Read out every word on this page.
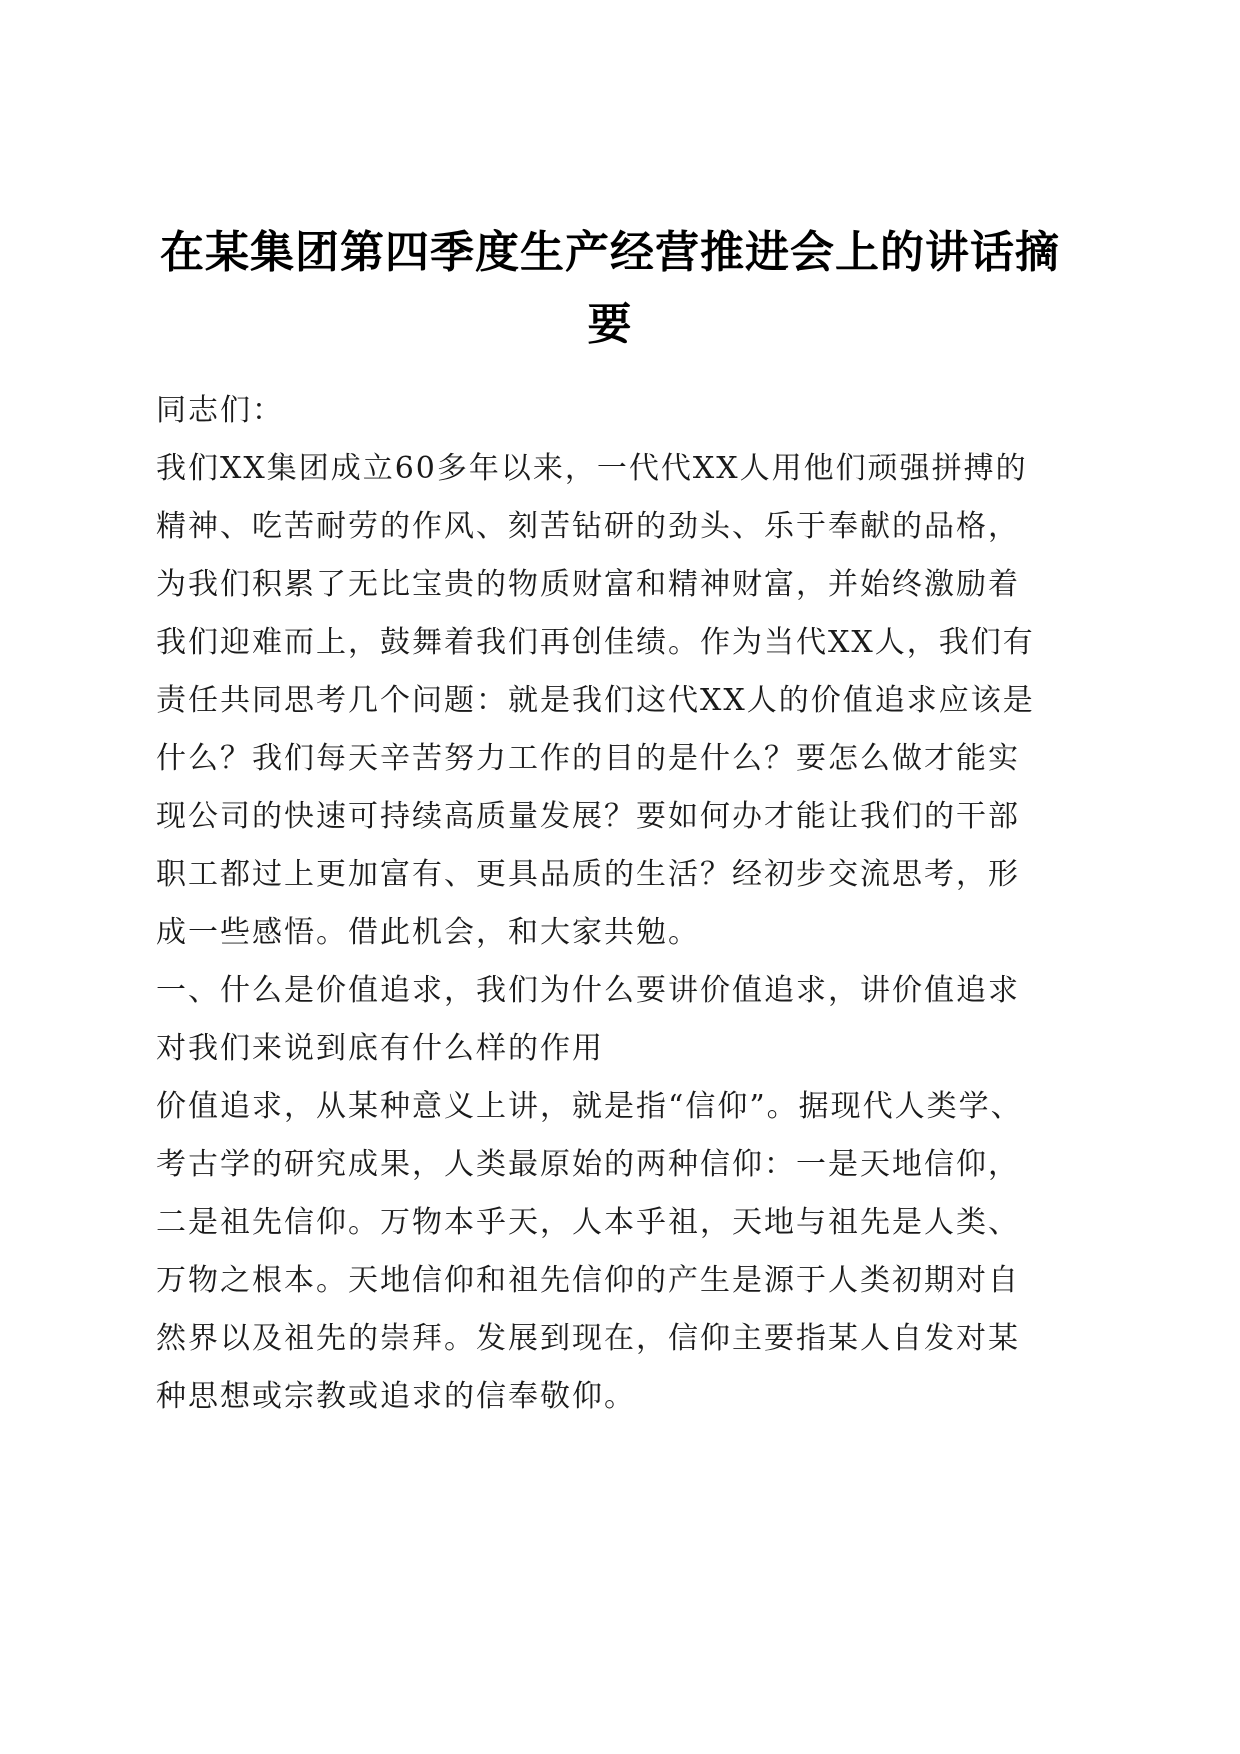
在某集团第四季度生产经营推进会上的讲话摘
要
同志们：
我们XX集团成立60多年以来，一代代XX人用他们顽强拼搏的
精神、吃苦耐劳的作风、刻苦钻研的劲头、乐于奉献的品格，
为我们积累了无比宝贵的物质财富和精神财富，并始终激励着
我们迎难而上，鼓舞着我们再创佳绩。作为当代XX人，我们有
责任共同思考几个问题：就是我们这代XX人的价值追求应该是
什么？我们每天辛苦努力工作的目的是什么？要怎么做才能实
现公司的快速可持续高质量发展？要如何办才能让我们的干部
职工都过上更加富有、更具品质的生活？经初步交流思考，形
成一些感悟。借此机会，和大家共勉。
一、什么是价值追求，我们为什么要讲价值追求，讲价值追求
对我们来说到底有什么样的作用
价值追求，从某种意义上讲，就是指“信仰”。据现代人类学、
考古学的研究成果，人类最原始的两种信仰：一是天地信仰，
二是祖先信仰。万物本乎天，人本乎祖，天地与祖先是人类、
万物之根本。天地信仰和祖先信仰的产生是源于人类初期对自
然界以及祖先的崇拜。发展到现在，信仰主要指某人自发对某
种思想或宗教或追求的信奉敬仰。
